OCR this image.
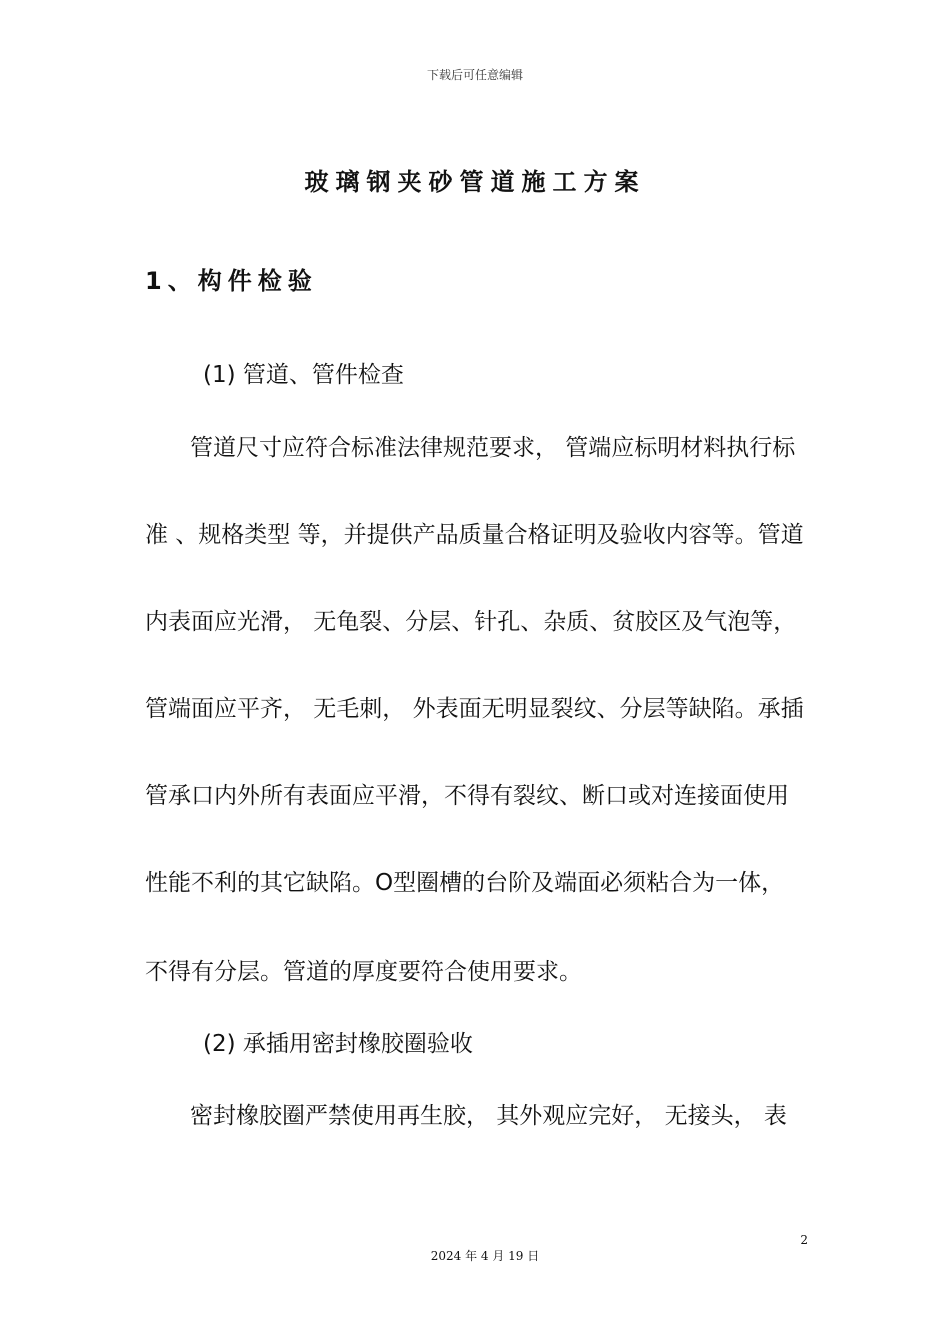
下载后可任意编辑
玻璃钢夹砂管道施工方案
1、构件检验
(1) 管道、管件检查
管道尺寸应符合标准法律规范要求， 管端应标明材料执行标
准 、规格类型 等，并提供产品质量合格证明及验收内容等。管道
内表面应光滑， 无龟裂、分层、针孔、杂质、贫胶区及气泡等，
管端面应平齐， 无毛刺， 外表面无明显裂纹、分层等缺陷。承插
管承口内外所有表面应平滑，不得有裂纹、断口或对连接面使用
性能不利的其它缺陷。O型圈槽的台阶及端面必须粘合为一体，
不得有分层。管道的厚度要符合使用要求。
(2) 承插用密封橡胶圈验收
密封橡胶圈严禁使用再生胶， 其外观应完好， 无接头， 表
2
2024 年 4 月 19 日
